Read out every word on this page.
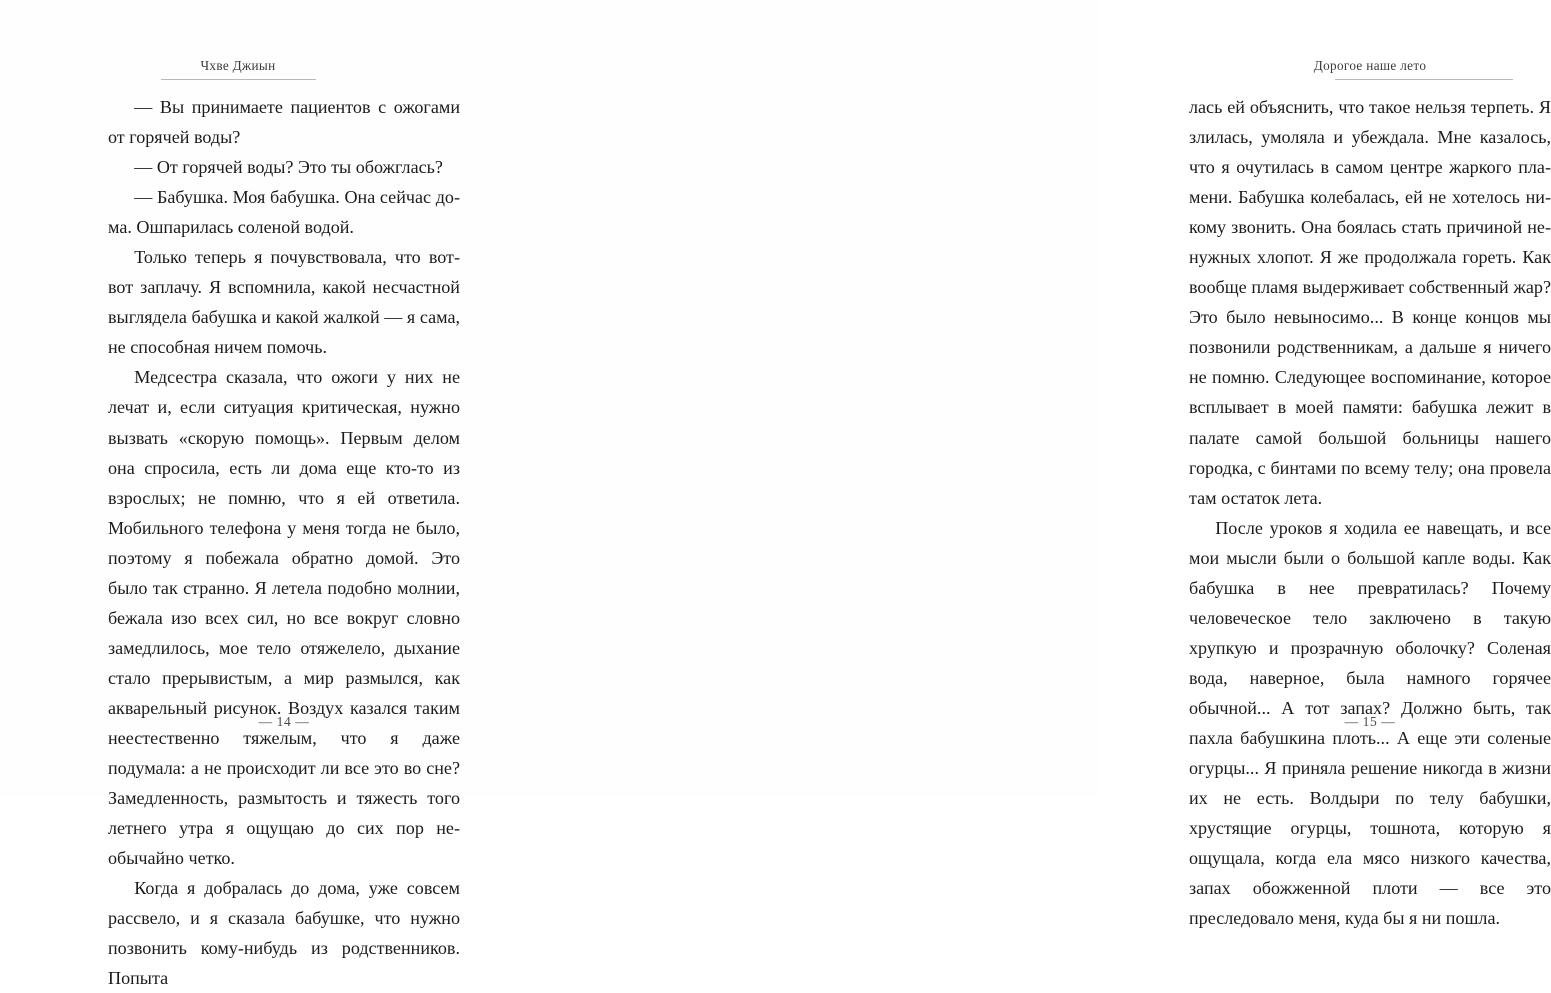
Чхве Джиын

— Вы принимаете пациентов с ожогами от горячей воды?

— От горячей воды? Это ты обожглась?

— Бабушка. Моя бабушка. Она сейчас дома. Ошпарилась соленой водой.

Только теперь я почувствовала, что вот-вот заплачу. Я вспомнила, какой несчастной выглядела бабушка и какой жалкой — я сама, не способная ничем помочь.

Медсестра сказала, что ожоги у них не лечат и, если ситуация критическая, нужно вызвать «скорую помощь». Первым делом она спросила, есть ли дома еще кто-то из взрослых; не помню, что я ей ответила. Мобильного телефона у меня тогда не было, поэтому я побежала обратно домой. Это было так странно. Я летела подобно молнии, бежала изо всех сил, но все вокруг словно замедлилось, мое тело отяжелело, дыхание стало прерывистым, а мир размылся, как акварельный рисунок. Воздух казался таким неестественно тяжелым, что я даже подумала: а не происходит ли все это во сне? Замедленность, размытость и тяжесть того летнего утра я ощущаю до сих пор необычайно четко.

Когда я добралась до дома, уже совсем рассвело, и я сказала бабушке, что нужно позвонить кому-нибудь из родственников. Попыта

— 14 —
Дорогое наше лето

лась ей объяснить, что такое нельзя терпеть. Я злилась, умоляла и убеждала. Мне казалось, что я очутилась в самом центре жаркого пламени. Бабушка колебалась, ей не хотелось никому звонить. Она боялась стать причиной ненужных хлопот. Я же продолжала гореть. Как вообще пламя выдерживает собственный жар? Это было невыносимо... В конце концов мы позвонили родственникам, а дальше я ничего не помню. Следующее воспоминание, которое всплывает в моей памяти: бабушка лежит в палате самой большой больницы нашего городка, с бинтами по всему телу; она провела там остаток лета.

После уроков я ходила ее навещать, и все мои мысли были о большой капле воды. Как бабушка в нее превратилась? Почему человеческое тело заключено в такую хрупкую и прозрачную оболочку? Соленая вода, наверное, была намного горячее обычной... А тот запах? Должно быть, так пахла бабушкина плоть... А еще эти соленые огурцы... Я приняла решение никогда в жизни их не есть. Волдыри по телу бабушки, хрустящие огурцы, тошнота, которую я ощущала, когда ела мясо низкого качества, запах обожженной плоти — все это преследовало меня, куда бы я ни пошла.

— 15 —
